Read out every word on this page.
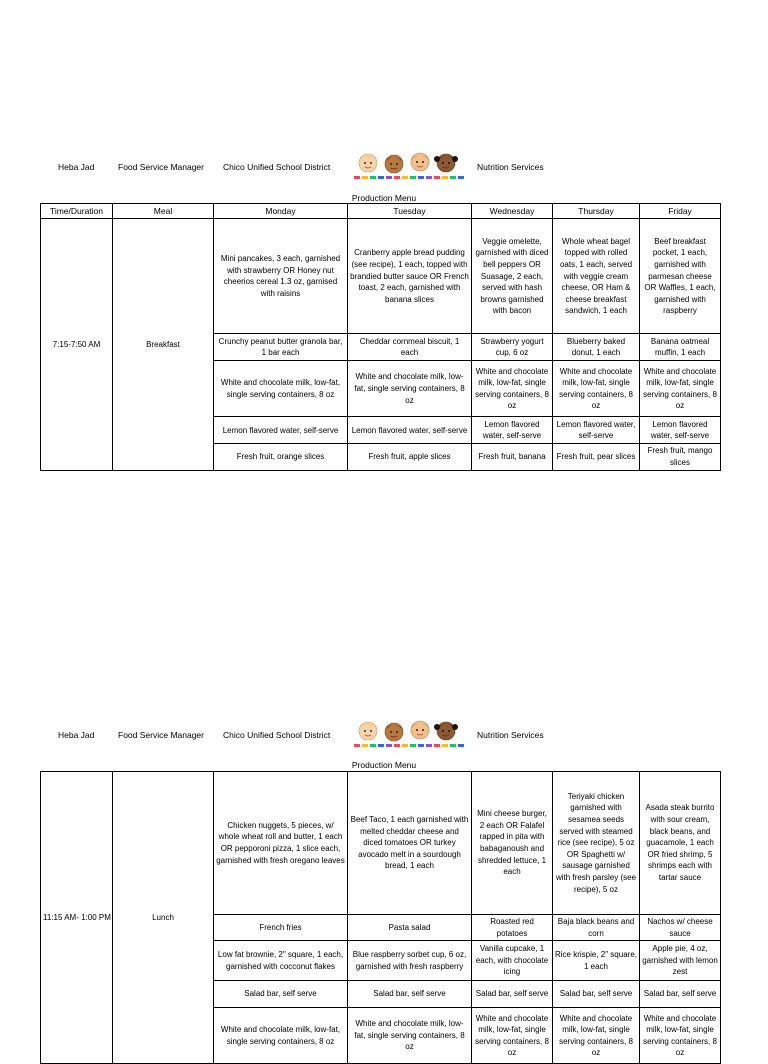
Heba Jad	Food Service Manager Chico Unified School District	Nutrition Services
Production Menu
Time/Duration	Meal	Monday	Tuesday	Wednesday	Thursday	Friday
7:15-7:50 AM	Breakfast	Mini pancakes, 3 each, garnished with strawberry OR Honey nut cheerios cereal 1.3 oz, garnised with raisins	Cranberry apple bread pudding (see recipe), 1 each, topped with brandied butter sauce OR French toast, 2 each, garnished with banana slices	Veggie omelette, garnished with diced bell peppers OR Suasage, 2 each, served with hash browns garnished with bacon	Whole wheat bagel topped with rolled oats, 1 each, served with veggie cream cheese, OR Ham & cheese breakfast sandwich, 1 each	Beef breakfast pocket, 1 each, garnished with parmesan cheese OR Waffles, 1 each, garnished with raspberry
		Crunchy peanut butter granola bar, 1 bar each	Cheddar cornmeal biscuit, 1 each	Strawberry yogurt cup, 6 oz	Blueberry baked donut, 1 each	Banana oatmeal muffin, 1 each
		White and chocolate milk, low-fat, single serving containers, 8 oz	White and chocolate milk, low-fat, single serving containers, 8 oz	White and chocolate milk, low-fat, single serving containers, 8 oz	White and chocolate milk, low-fat, single serving containers, 8 oz	White and chocolate milk, low-fat, single serving containers, 8 oz
		Lemon flavored water, self-serve	Lemon flavored water, self-serve	Lemon flavored water, self-serve	Lemon flavored water, self-serve	Lemon flavored water, self-serve
		Fresh fruit, orange slices	Fresh fruit, apple slices	Fresh fruit, banana	Fresh fruit, pear slices	Fresh fruit, mango slices
Heba Jad	Food Service Manager Chico Unified School District	Nutrition Services
Production Menu
11:15 AM- 1:00 PM	Lunch	Chicken nuggets, 5 pieces, w/ whole wheat roll and butter, 1 each OR pepporoni pizza, 1 slice each, garnished with fresh oregano leaves	Beef Taco, 1 each garnished with melted cheddar cheese and diced tomatoes OR turkey avocado melt in a sourdough bread, 1 each	Mini cheese burger, 2 each OR Falafel rapped in pita with babaganoush and shredded lettuce, 1 each	Teriyaki chicken garnished with sesamea seeds served with steamed rice (see recipe), 5 oz OR Spaghetti w/ sausage garnished with fresh parsley (see recipe), 5 oz	Asada steak burrito with sour cream, black beans, and guacamole, 1 each OR fried shrimp, 5 shrimps each with tartar sauce
		French fries	Pasta salad	Roasted red potatoes	Baja black beans and corn	Nachos w/ cheese sauce
		Low fat brownie, 2" square, 1 each, garnished with cocconut flakes	Blue raspberry sorbet cup, 6 oz, garnished with fresh raspberry	Vanilla cupcake, 1 each, with chocolate icing	Rice krispie, 2" square, 1 each	Apple pie, 4 oz, garnished with lemon zest
		Salad bar, self serve	Salad bar, self serve	Salad bar, self serve	Salad bar, self serve	Salad bar, self serve
		White and chocolate milk, low-fat, single serving containers, 8 oz	White and chocolate milk, low-fat, single serving containers, 8 oz	White and chocolate milk, low-fat, single serving containers, 8 oz	White and chocolate milk, low-fat, single serving containers, 8 oz	White and chocolate milk, low-fat, single serving containers, 8 oz
